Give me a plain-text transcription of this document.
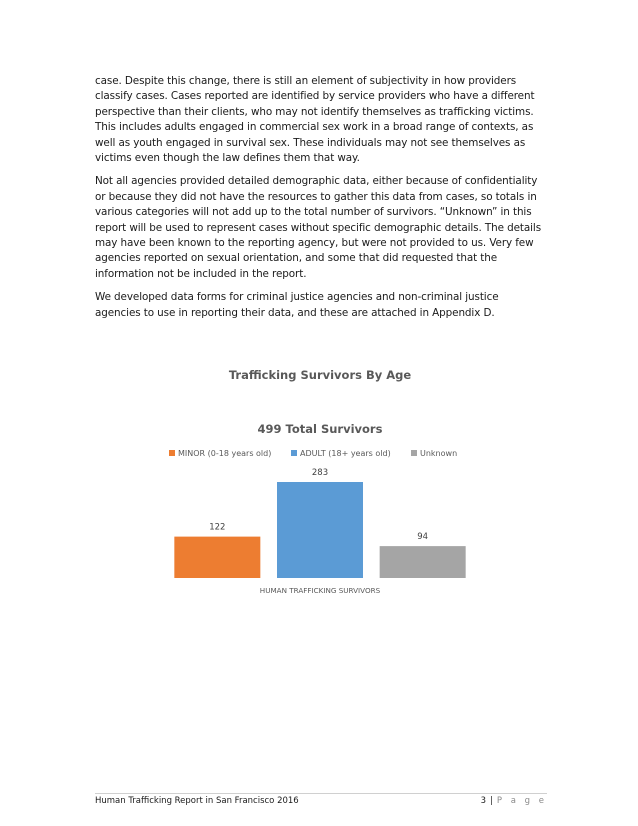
case. Despite this change, there is still an element of subjectivity in how providers classify cases. Cases reported are identified by service providers who have a different perspective than their clients, who may not identify themselves as trafficking victims. This includes adults engaged in commercial sex work in a broad range of contexts, as well as youth engaged in survival sex. These individuals may not see themselves as victims even though the law defines them that way.

Not all agencies provided detailed demographic data, either because of confidentiality or because they did not have the resources to gather this data from cases, so totals in various categories will not add up to the total number of survivors. “Unknown” in this report will be used to represent cases without specific demographic details. The details may have been known to the reporting agency, but were not provided to us. Very few agencies reported on sexual orientation, and some that did requested that the information not be included in the report.

We developed data forms for criminal justice agencies and non-criminal justice agencies to use in reporting their data, and these are attached in Appendix D.

Trafficking Survivors By Age
499 Total Survivors
MINOR (0-18 years old)	ADULT (18+ years old)	Unknown
122
283
94
HUMAN TRAFFICKING SURVIVORS
Human Trafficking Report in San Francisco 2016	3 | P a g e
